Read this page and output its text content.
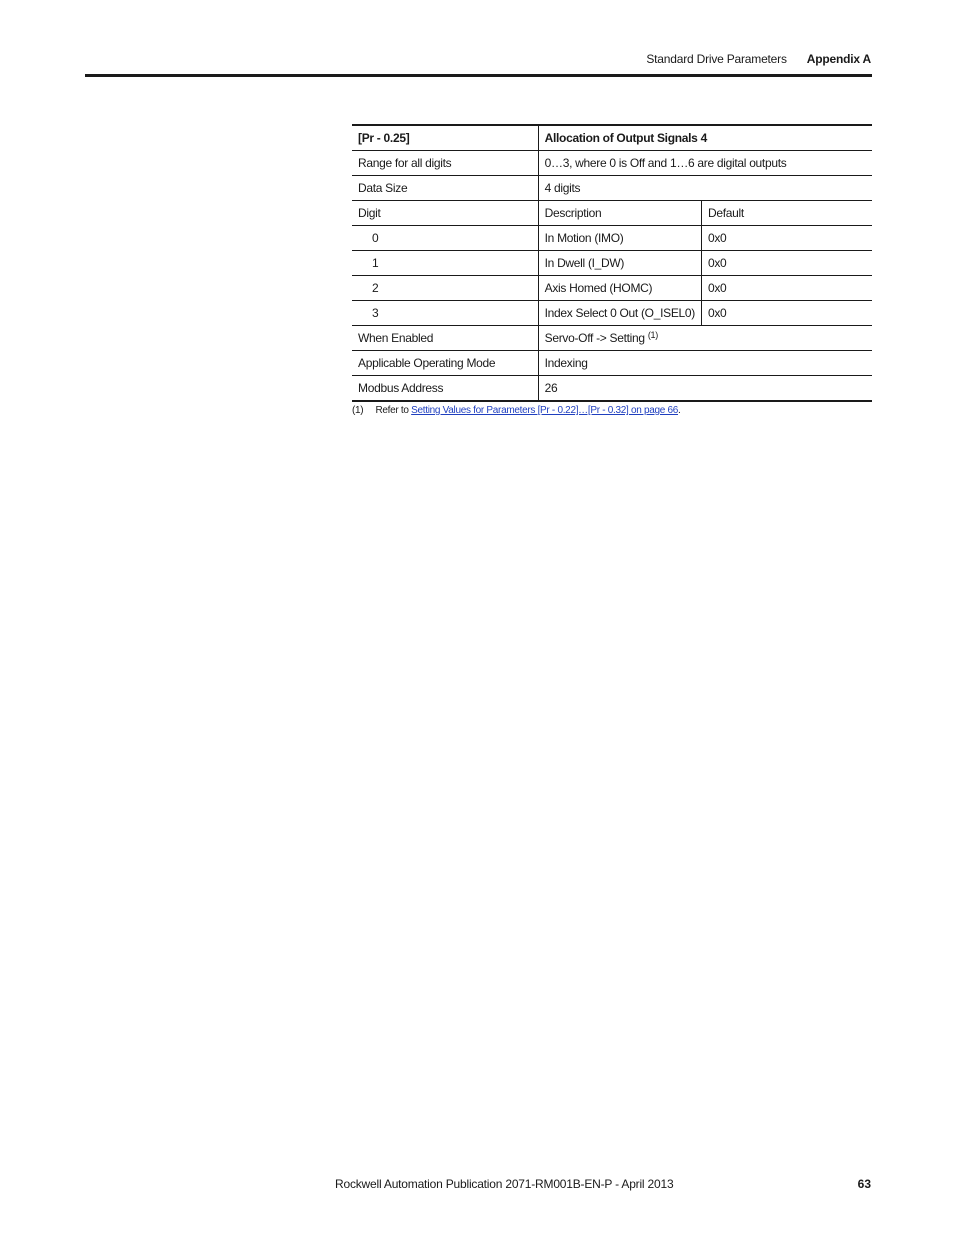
Standard Drive Parameters Appendix A
[Pr - 0.25]	Allocation of Output Signals 4	
Range for all digits	0…3, where 0 is Off and 1…6 are digital outputs	
Data Size	4 digits	
Digit	Description	Default
0	In Motion (IMO)	0x0
1	In Dwell (I_DW)	0x0
2	Axis Homed (HOMC)	0x0
3	Index Select 0 Out (O_ISEL0)	0x0
When Enabled	Servo-Off -> Setting $^{(1)}$
Applicable Operating Mode	Indexing	
Modbus Address	26	
(1) Refer to Setting Values for Parameters [Pr - 0.22]…[Pr - 0.32] on page 66.
Rockwell Automation Publication 2071-RM001B-EN-P - April 2013	63
